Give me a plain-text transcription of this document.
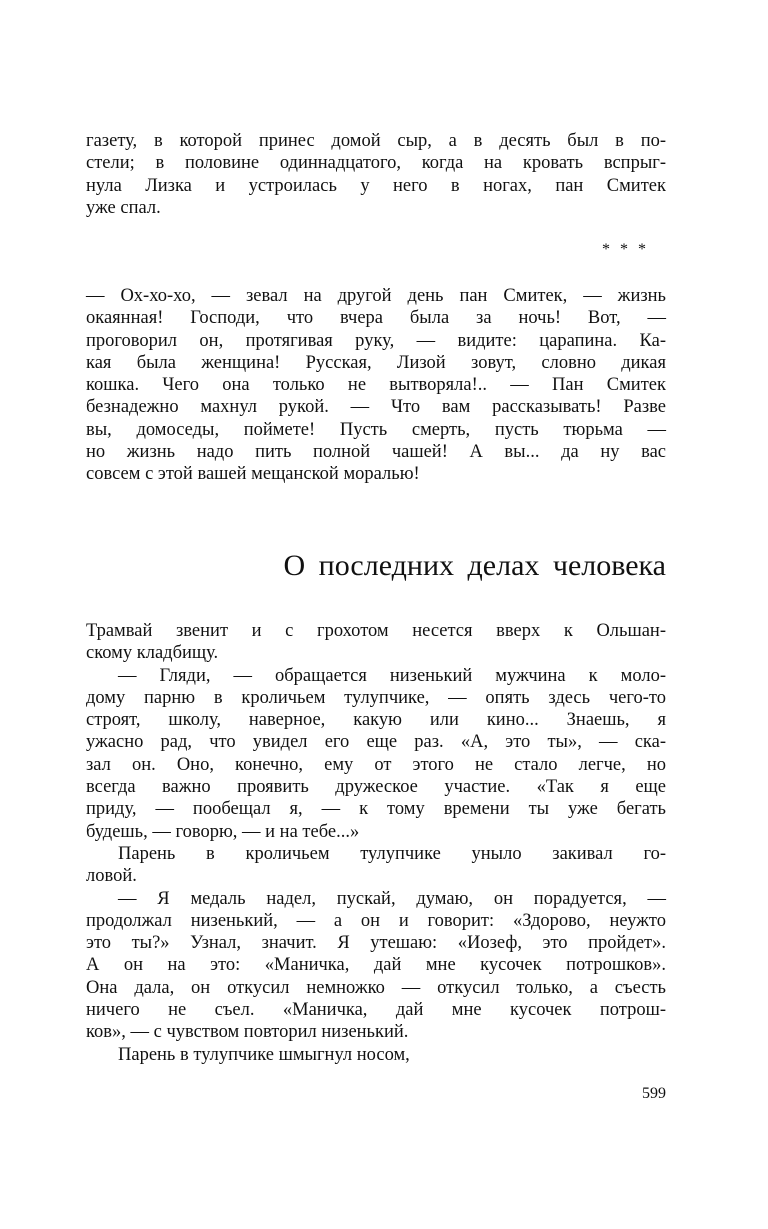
газету, в которой принес домой сыр, а в десять был в по-
стели; в половине одиннадцатого, когда на кровать вспрыг-
нула Лизка и устроилась у него в ногах, пан Смитек
уже спал.
* * *
— Ох-хо-хо, — зевал на другой день пан Смитек, — жизнь
окаянная! Господи, что вчера была за ночь! Вот, —
проговорил он, протягивая руку, — видите: царапина. Ка-
кая была женщина! Русская, Лизой зовут, словно дикая
кошка. Чего она только не вытворяла!.. — Пан Смитек
безнадежно махнул рукой. — Что вам рассказывать! Разве
вы, домоседы, поймете! Пусть смерть, пусть тюрьма —
но жизнь надо пить полной чашей! А вы... да ну вас
совсем с этой вашей мещанской моралью!
О последних делах человека
Трамвай звенит и с грохотом несется вверх к Ольшан-
скому кладбищу.
— Гляди, — обращается низенький мужчина к моло-
дому парню в кроличьем тулупчике, — опять здесь чего-то
строят, школу, наверное, какую или кино... Знаешь, я
ужасно рад, что увидел его еще раз. «А, это ты», — ска-
зал он. Оно, конечно, ему от этого не стало легче, но
всегда важно проявить дружеское участие. «Так я еще
приду, — пообещал я, — к тому времени ты уже бегать
будешь, — говорю, — и на тебе...»
Парень в кроличьем тулупчике уныло закивал го-
ловой.
— Я медаль надел, пускай, думаю, он порадуется, —
продолжал низенький, — а он и говорит: «Здорово, неужто
это ты?» Узнал, значит. Я утешаю: «Иозеф, это пройдет».
А он на это: «Маничка, дай мне кусочек потрошков».
Она дала, он откусил немножко — откусил только, а съесть
ничего не съел. «Маничка, дай мне кусочек потрош-
ков», — с чувством повторил низенький.
Парень в тулупчике шмыгнул носом,
599
